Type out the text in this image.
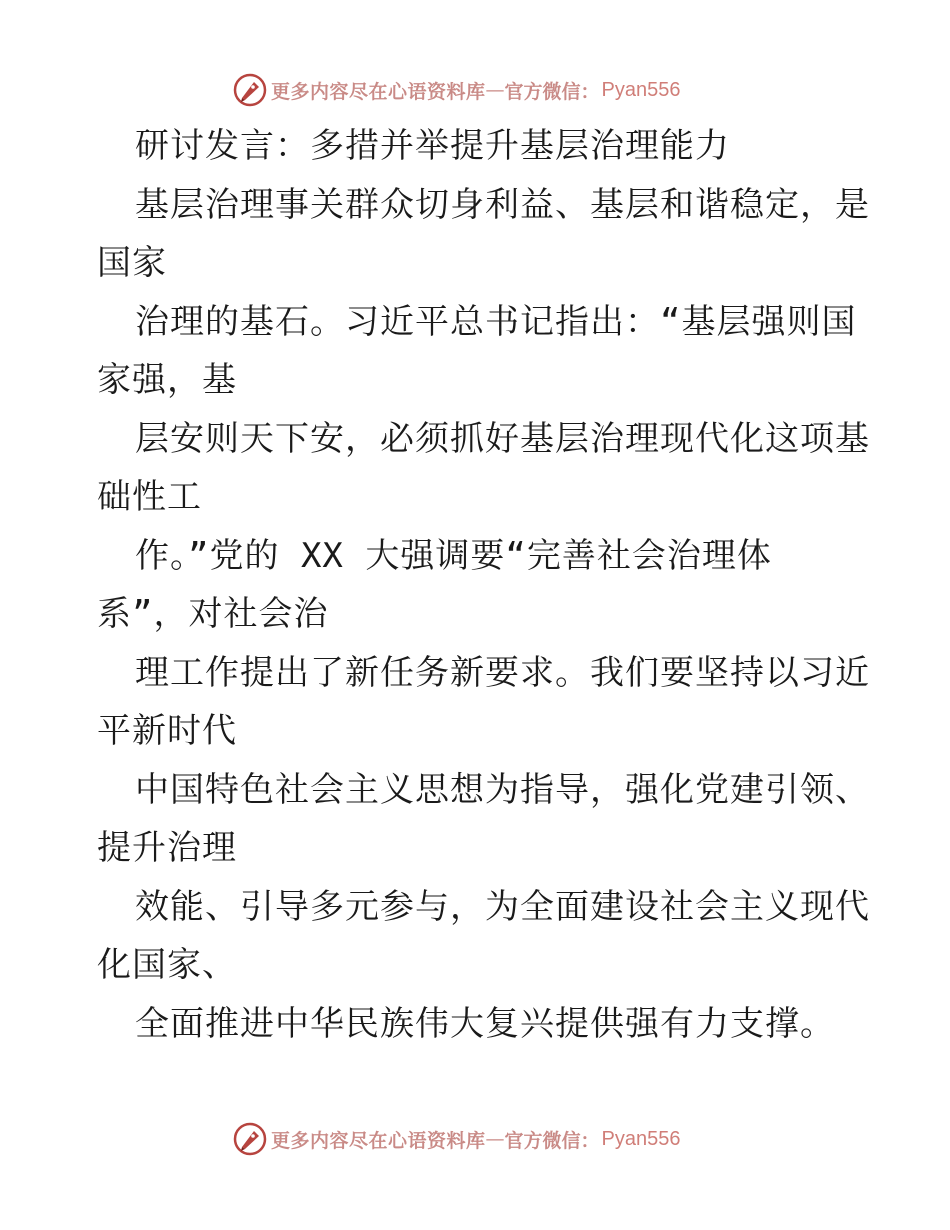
更多内容尽在心语资料库 — 官方微信： Pyan556
研讨发言：多措并举提升基层治理能力
基层治理事关群众切身利益、基层和谐稳定，是
国家
治理的基石。习近平总书记指出：“基层强则国
家强，基
层安则天下安，必须抓好基层治理现代化这项基
础性工
作。”党的 XX 大强调要“完善社会治理体
系”，对社会治
理工作提出了新任务新要求。我们要坚持以习近
平新时代
中国特色社会主义思想为指导，强化党建引领、
提升治理
效能、引导多元参与，为全面建设社会主义现代
化国家、
全面推进中华民族伟大复兴提供强有力支撑。
更多内容尽在心语资料库 — 官方微信： Pyan556
